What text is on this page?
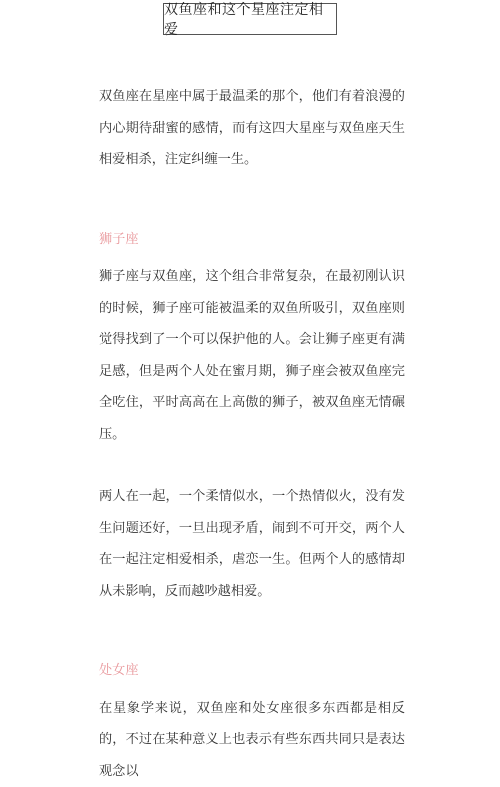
双鱼座和这个星座注定相爱

双鱼座在星座中属于最温柔的那个，他们有着浪漫的内心期待甜蜜的感情，而有这四大星座与双鱼座天生相爱相杀，注定纠缠一生。

狮子座

狮子座与双鱼座，这个组合非常复杂，在最初刚认识的时候，狮子座可能被温柔的双鱼所吸引，双鱼座则觉得找到了一个可以保护他的人。会让狮子座更有满足感，但是两个人处在蜜月期，狮子座会被双鱼座完全吃住，平时高高在上高傲的狮子，被双鱼座无情碾压。

两人在一起，一个柔情似水，一个热情似火，没有发生问题还好，一旦出现矛盾，闹到不可开交，两个人在一起注定相爱相杀，虐恋一生。但两个人的感情却从未影响，反而越吵越相爱。

处女座

在星象学来说，双鱼座和处女座很多东西都是相反的，不过在某种意义上也表示有些东西共同只是表达观念以
